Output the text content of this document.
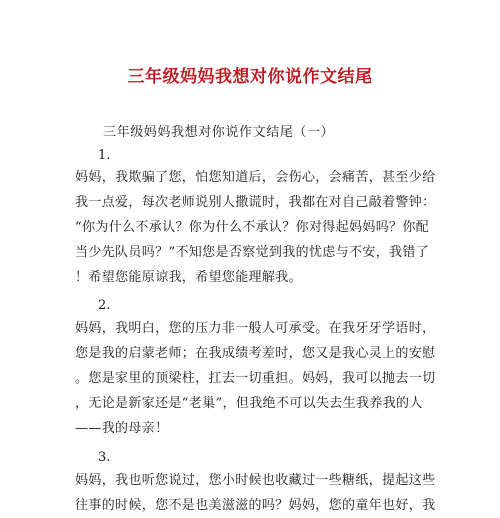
三年级妈妈我想对你说作文结尾
三年级妈妈我想对你说作文结尾（一）
1.
妈妈，我欺骗了您，怕您知道后，会伤心，会痛苦，甚至少给
我一点爱，每次老师说别人撒谎时，我都在对自己敲着警钟：
“你为什么不承认？你为什么不承认？你对得起妈妈吗？你配
当少先队员吗？”不知您是否察觉到我的忧虑与不安，我错了
！希望您能原谅我，希望您能理解我。
2.
妈妈，我明白，您的压力非一般人可承受。在我牙牙学语时，
您是我的启蒙老师；在我成绩考差时，您又是我心灵上的安慰
。您是家里的顶梁柱，扛去一切重担。妈妈，我可以抛去一切
，无论是新家还是“老巢”，但我绝不可以失去生我养我的人
——我的母亲！
3.
妈妈，我也听您说过，您小时候也收藏过一些糖纸，提起这些
往事的时候，您不是也美滋滋的吗？妈妈，您的童年也好，我
